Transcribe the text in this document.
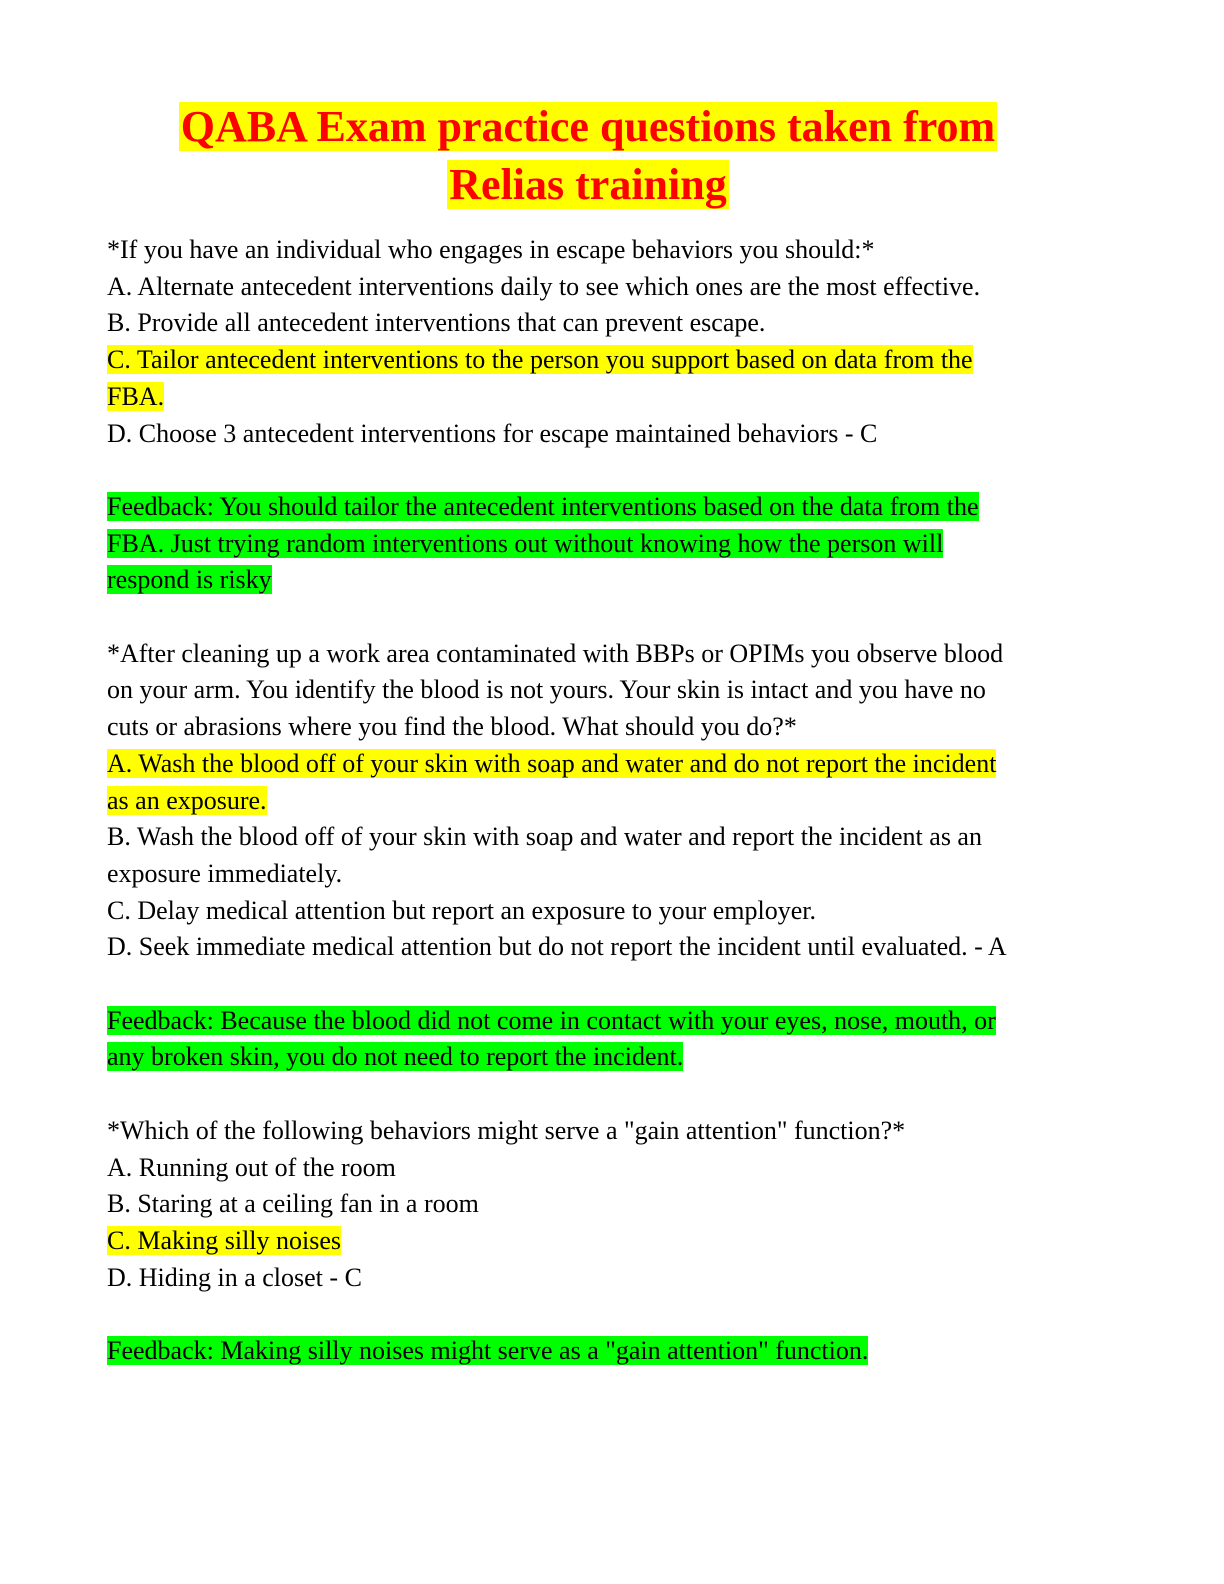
QABA Exam practice questions taken from
Relias training
*If you have an individual who engages in escape behaviors you should:*
A. Alternate antecedent interventions daily to see which ones are the most effective.
B. Provide all antecedent interventions that can prevent escape.
C. Tailor antecedent interventions to the person you support based on data from the
FBA.
D. Choose 3 antecedent interventions for escape maintained behaviors - C
Feedback: You should tailor the antecedent interventions based on the data from the
FBA. Just trying random interventions out without knowing how the person will
respond is risky
*After cleaning up a work area contaminated with BBPs or OPIMs you observe blood
on your arm. You identify the blood is not yours. Your skin is intact and you have no
cuts or abrasions where you find the blood. What should you do?*
A. Wash the blood off of your skin with soap and water and do not report the incident
as an exposure.
B. Wash the blood off of your skin with soap and water and report the incident as an
exposure immediately.
C. Delay medical attention but report an exposure to your employer.
D. Seek immediate medical attention but do not report the incident until evaluated. - A
Feedback: Because the blood did not come in contact with your eyes, nose, mouth, or
any broken skin, you do not need to report the incident.
*Which of the following behaviors might serve a "gain attention" function?*
A. Running out of the room
B. Staring at a ceiling fan in a room
C. Making silly noises
D. Hiding in a closet - C
Feedback: Making silly noises might serve as a "gain attention" function.
